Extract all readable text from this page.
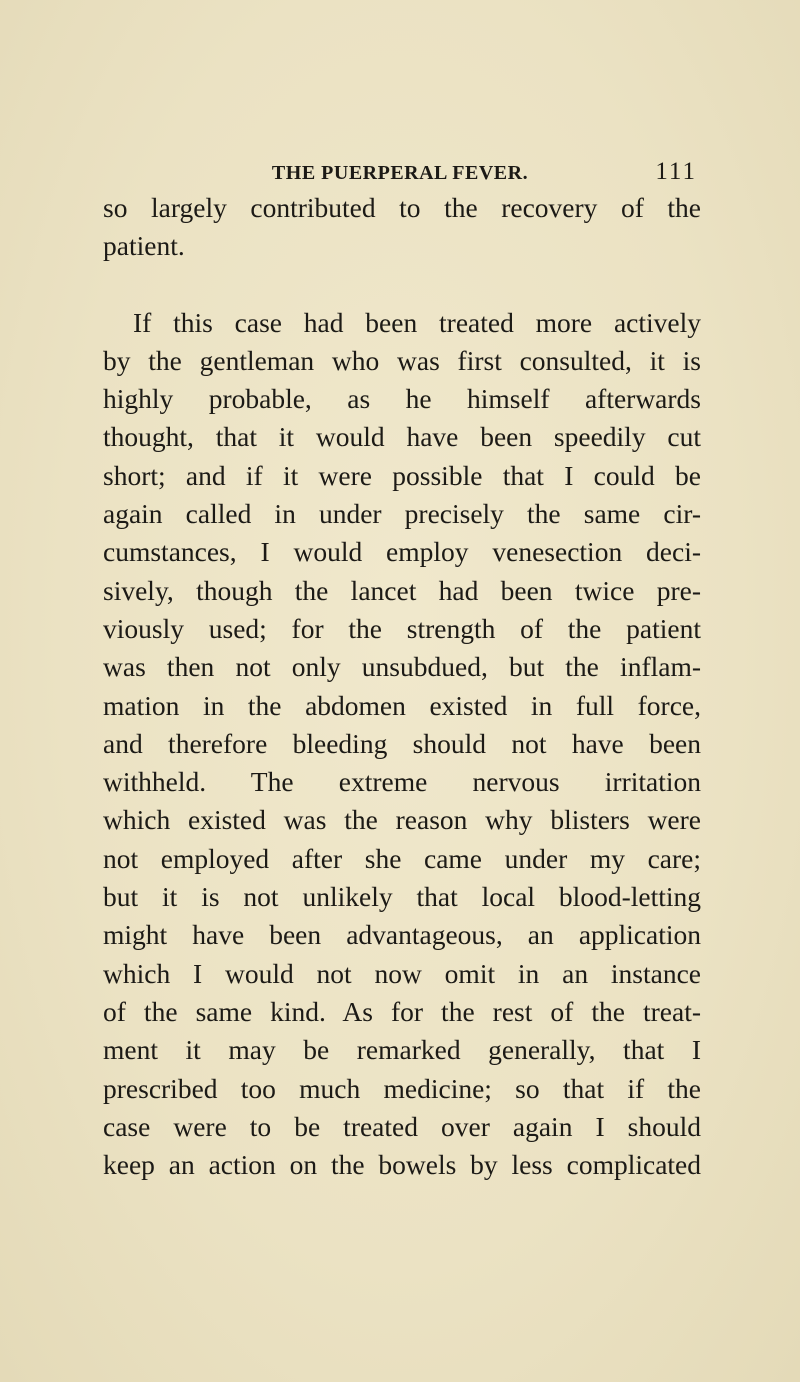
THE PUERPERAL FEVER.	111

so largely contributed to the recovery of the
patient.

If this case had been treated more actively
by the gentleman who was first consulted, it is
highly probable, as he himself afterwards
thought, that it would have been speedily cut
short; and if it were possible that I could be
again called in under precisely the same cir-
cumstances, I would employ venesection deci-
sively, though the lancet had been twice pre-
viously used; for the strength of the patient
was then not only unsubdued, but the inflam-
mation in the abdomen existed in full force,
and therefore bleeding should not have been
withheld. The extreme nervous irritation
which existed was the reason why blisters were
not employed after she came under my care;
but it is not unlikely that local blood-letting
might have been advantageous, an application
which I would not now omit in an instance
of the same kind. As for the rest of the treat-
ment it may be remarked generally, that I
prescribed too much medicine; so that if the
case were to be treated over again I should
keep an action on the bowels by less complicated
